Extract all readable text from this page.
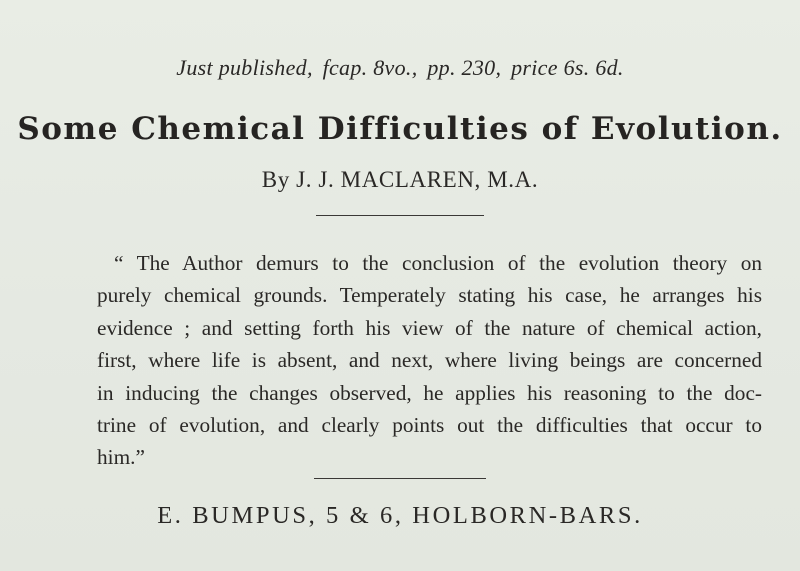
Just published, fcap. 8vo., pp. 230, price 6s. 6d.
Some Chemical Difficulties of Evolution.
By J. J. MACLAREN, M.A.
“ The Author demurs to the conclusion of the evolution theory on
purely chemical grounds. Temperately stating his case, he arranges his
evidence ; and setting forth his view of the nature of chemical action,
first, where life is absent, and next, where living beings are concerned
in inducing the changes observed, he applies his reasoning to the doc-
trine of evolution, and clearly points out the difficulties that occur to
him.”
E. BUMPUS, 5 & 6, HOLBORN-BARS.
